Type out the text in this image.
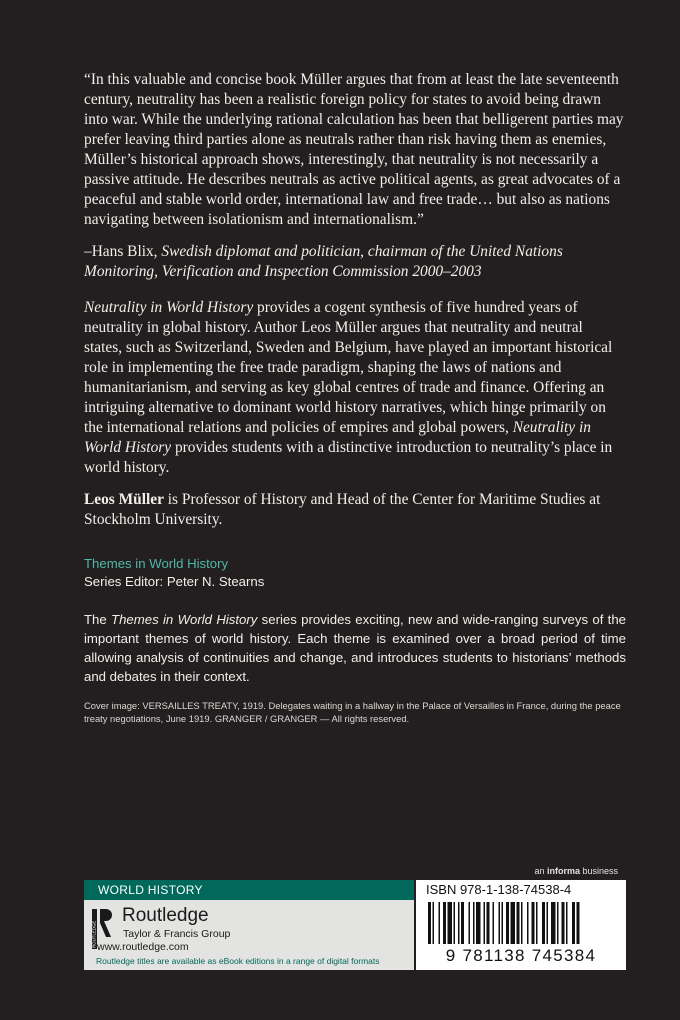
“In this valuable and concise book Müller argues that from at least the late seventeenth century, neutrality has been a realistic foreign policy for states to avoid being drawn into war. While the underlying rational calculation has been that belligerent parties may prefer leaving third parties alone as neutrals rather than risk having them as enemies, Müller’s historical approach shows, interestingly, that neutrality is not necessarily a passive attitude. He describes neutrals as active political agents, as great advocates of a peaceful and stable world order, international law and free trade… but also as nations navigating between isolationism and internationalism.”

–Hans Blix, Swedish diplomat and politician, chairman of the United Nations Monitoring, Verification and Inspection Commission 2000–2003
Neutrality in World History provides a cogent synthesis of five hundred years of neutrality in global history. Author Leos Müller argues that neutrality and neutral states, such as Switzerland, Sweden and Belgium, have played an important historical role in implementing the free trade paradigm, shaping the laws of nations and humanitarianism, and serving as key global centres of trade and finance. Offering an intriguing alternative to dominant world history narratives, which hinge primarily on the international relations and policies of empires and global powers, Neutrality in World History provides students with a distinctive introduction to neutrality’s place in world history.
Leos Müller is Professor of History and Head of the Center for Maritime Studies at Stockholm University.
Themes in World History
Series Editor: Peter N. Stearns
The Themes in World History series provides exciting, new and wide-ranging surveys of the important themes of world history. Each theme is examined over a broad period of time allowing analysis of continuities and change, and introduces students to historians’ methods and debates in their context.
Cover image: VERSAILLES TREATY, 1919. Delegates waiting in a hallway in the Palace of Versailles in France, during the peace treaty negotiations, June 1919. GRANGER / GRANGER — All rights reserved.
an informa business
WORLD HISTORY
ROUTLEDGE
Routledge
Taylor & Francis Group
www.routledge.com
Routledge titles are available as eBook editions in a range of digital formats
ISBN 978-1-138-74538-4
9 781138 745384
